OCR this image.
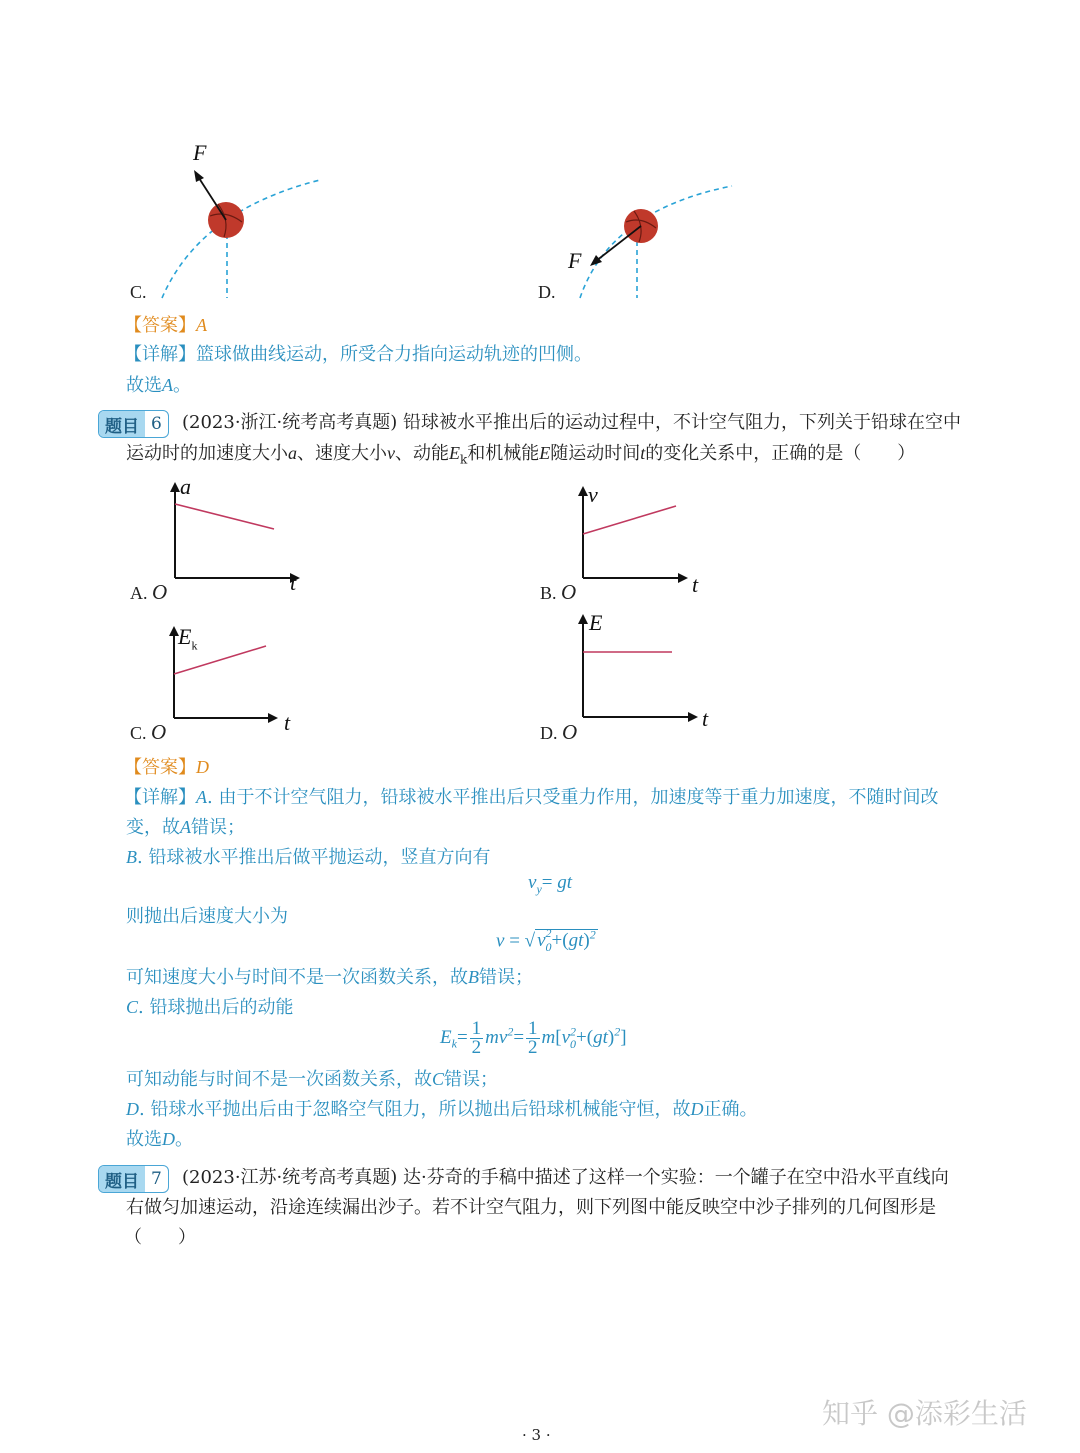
F
C.
F
D.
【答案】A
【详解】篮球做曲线运动，所受合力指向运动轨迹的凹侧。
故选A。
题目 6	(2023·浙江·统考高考真题) 铅球被水平推出后的运动过程中，不计空气阻力，下列关于铅球在空中
运动时的加速度大小a、速度大小v、动能$E_k$和机械能E随运动时间t的变化关系中，正确的是（　　）
a
t
A. O
v
t
B. O
$E_k$
t
C. O
E
t
D. O
【答案】D
【详解】A. 由于不计空气阻力，铅球被水平推出后只受重力作用，加速度等于重力加速度，不随时间改
变，故A错误；
B. 铅球被水平推出后做平抛运动，竖直方向有
$v_y=$ gt
则抛出后速度大小为
v = √ $v^2_0+(gt)^2$
可知速度大小与时间不是一次函数关系，故B错误；
C. 铅球抛出后的动能
$E_k= \frac{1}{2} mv^2= \frac{1}{2} m[v^2_0+(gt)^2]$
可知动能与时间不是一次函数关系，故C错误；
D. 铅球水平抛出后由于忽略空气阻力，所以抛出后铅球机械能守恒，故D正确。
故选D。
题目 7	(2023·江苏·统考高考真题) 达·芬奇的手稿中描述了这样一个实验：一个罐子在空中沿水平直线向
右做匀加速运动，沿途连续漏出沙子。若不计空气阻力，则下列图中能反映空中沙子排列的几何图形是
（　　）
知乎 @添彩生活
· 3 ·
